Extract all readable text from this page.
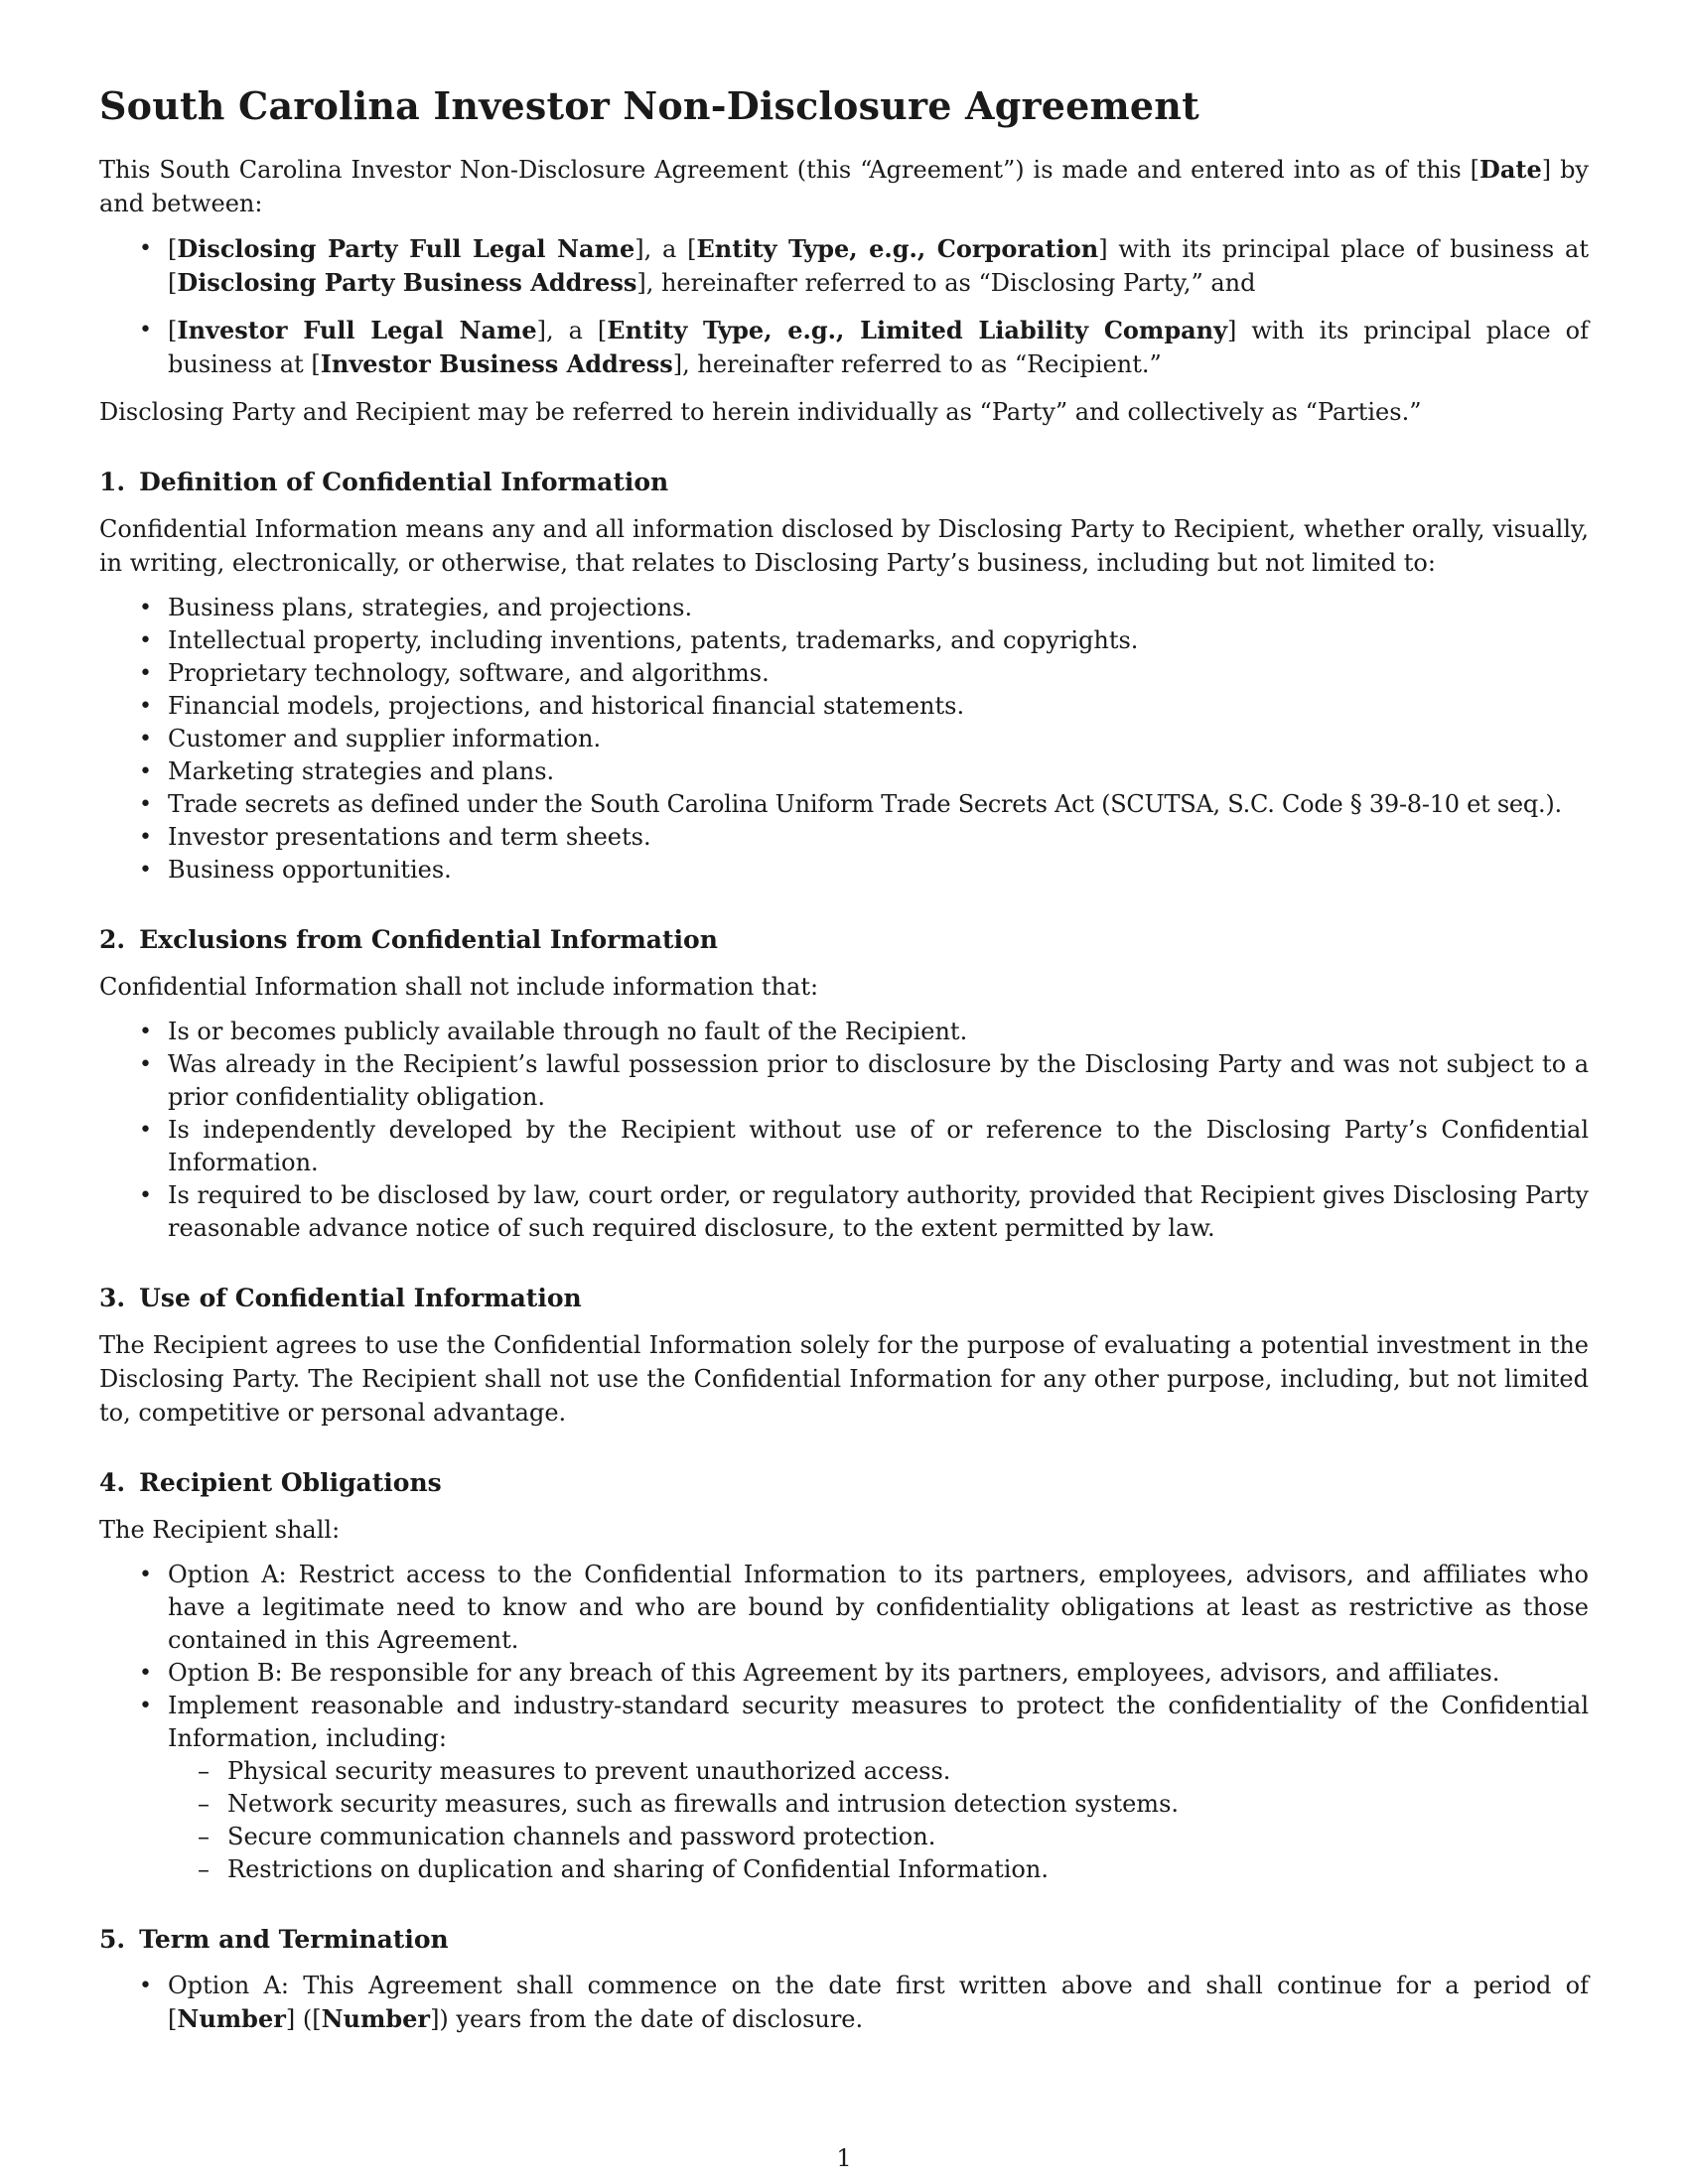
South Carolina Investor Non-Disclosure Agreement

This South Carolina Investor Non-Disclosure Agreement (this “Agreement”) is made and entered into as of this [Date] by and between:

• [Disclosing Party Full Legal Name], a [Entity Type, e.g., Corporation] with its principal place of business at [Disclosing Party Business Address], hereinafter referred to as “Disclosing Party,” and
• [Investor Full Legal Name], a [Entity Type, e.g., Limited Liability Company] with its principal place of business at [Investor Business Address], hereinafter referred to as “Recipient.”

Disclosing Party and Recipient may be referred to herein individually as “Party” and collectively as “Parties.”

1. Definition of Confidential Information

Confidential Information means any and all information disclosed by Disclosing Party to Recipient, whether orally, visually, in writing, electronically, or otherwise, that relates to Disclosing Party’s business, including but not limited to:

• Business plans, strategies, and projections.
• Intellectual property, including inventions, patents, trademarks, and copyrights.
• Proprietary technology, software, and algorithms.
• Financial models, projections, and historical financial statements.
• Customer and supplier information.
• Marketing strategies and plans.
• Trade secrets as defined under the South Carolina Uniform Trade Secrets Act (SCUTSA, S.C. Code § 39-8-10 et seq.).
• Investor presentations and term sheets.
• Business opportunities.
2. Exclusions from Confidential Information

Confidential Information shall not include information that:

• Is or becomes publicly available through no fault of the Recipient.
• Was already in the Recipient’s lawful possession prior to disclosure by the Disclosing Party and was not subject to a prior confidentiality obligation.
• Is independently developed by the Recipient without use of or reference to the Disclosing Party’s Confidential Information.
• Is required to be disclosed by law, court order, or regulatory authority, provided that Recipient gives Disclosing Party reasonable advance notice of such required disclosure, to the extent permitted by law.
3. Use of Confidential Information

The Recipient agrees to use the Confidential Information solely for the purpose of evaluating a potential investment in the Disclosing Party. The Recipient shall not use the Confidential Information for any other purpose, including, but not limited to, competitive or personal advantage.

4. Recipient Obligations

The Recipient shall:

• Option A: Restrict access to the Confidential Information to its partners, employees, advisors, and affiliates who have a legitimate need to know and who are bound by confidentiality obligations at least as restrictive as those contained in this Agreement.
• Option B: Be responsible for any breach of this Agreement by its partners, employees, advisors, and affiliates.
• Implement reasonable and industry-standard security measures to protect the confidentiality of the Confidential Information, including:
– Physical security measures to prevent unauthorized access.
– Network security measures, such as firewalls and intrusion detection systems.
– Secure communication channels and password protection.
– Restrictions on duplication and sharing of Confidential Information.
5. Term and Termination
• Option A: This Agreement shall commence on the date first written above and shall continue for a period of [Number] ([Number]) years from the date of disclosure.
1
